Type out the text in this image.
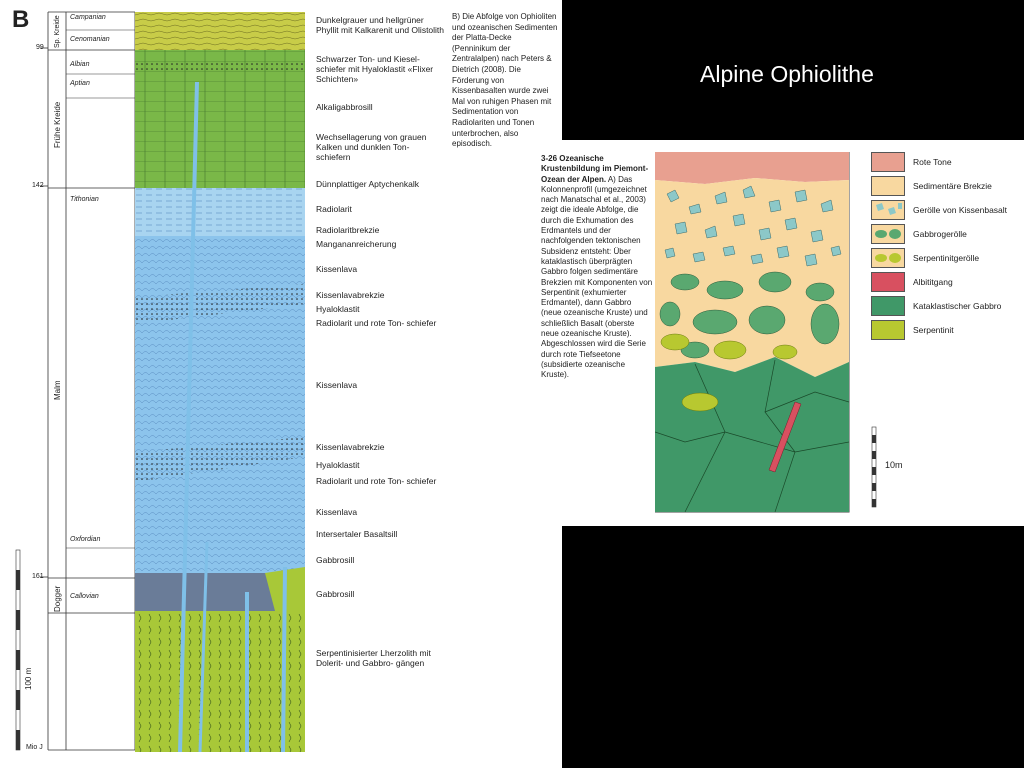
B
99
142
161
Mio J
100 m
Sp. Kreide
Frühe Kreide
Malm
Dogger
Campanian
Cenomanian
Albian
Aptian
Tithonian
Oxfordian
Callovian
Dunkelgrauer und hellgrüner Phyllit mit Kalkarenit und Olistolith
Schwarzer Ton- und Kiesel- schiefer mit Hyaloklastit «Flixer Schichten»
Alkaligabbrosill
Wechsellagerung von grauen Kalken und dunklen Ton- schiefern
Dünnplattiger Aptychenkalk
Radiolarit
Radiolaritbrekzie
Mangananreicherung
Kissenlava
Kissenlavabrekzie
Hyaloklastit
Radiolarit und rote Ton- schiefer
Kissenlava
Kissenlavabrekzie
Hyaloklastit
Radiolarit und rote Ton- schiefer
Kissenlava
Intersertaler Basaltsill
Gabbrosill
Gabbrosill
Serpentinisierter Lherzolith mit Dolerit- und Gabbro- gängen
B) Die Abfolge von Ophioliten und ozeanischen Sedimenten der Platta-Decke (Penninikum der Zentralalpen) nach Peters & Dietrich (2008). Die Förderung von Kissenbasalten wurde zwei Mal von ruhigen Phasen mit Sedimentation von Radiolariten und Tonen unterbrochen, also episodisch.
Alpine Ophiolithe
3-26 Ozeanische Krustenbildung im Piemont-Ozean der Alpen. A) Das Kolonnenprofil (umgezeichnet nach Manatschal et al., 2003) zeigt die ideale Abfolge, die durch die Exhumation des Erdmantels und der nachfolgenden tektonischen Subsidenz entsteht: Über kataklastisch überprägten Gabbro folgen sedimentäre Brekzien mit Komponenten von Serpentinit (exhumierter Erdmantel), dann Gabbro (neue ozeanische Kruste) und schließlich Basalt (oberste neue ozeanische Kruste). Abgeschlossen wird die Serie durch rote Tiefseetone (subsidierte ozeanische Kruste).
Rote Tone
Sedimentäre Brekzie
Gerölle von Kissenbasalt
Gabbrogerölle
Serpentinitgerölle
Albititgang
Kataklastischer Gabbro
Serpentinit
10m
